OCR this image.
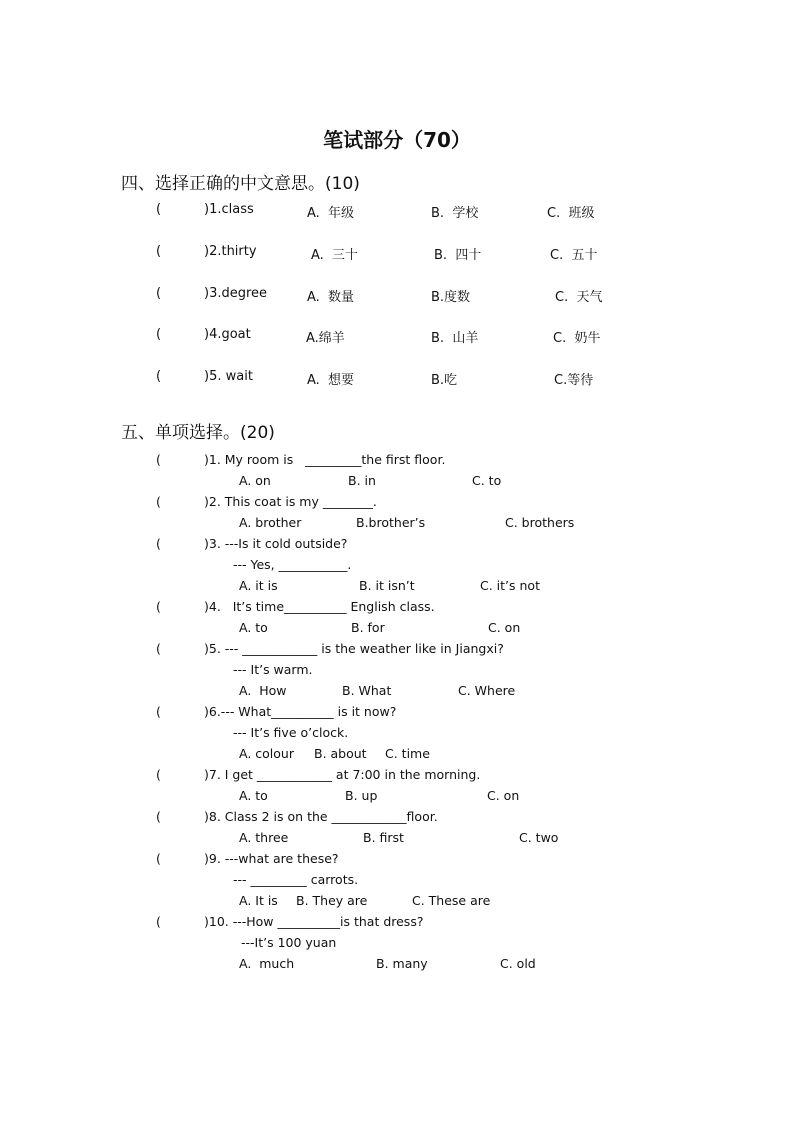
笔试部分（70）
四、选择正确的中文意思。(10)
(	)1.class	A.  年级	B.  学校	C.  班级
(	)2.thirty	A.  三十	B.  四十	C.  五十
(	)3.degree	A.  数量	B.度数	C.  天气
(	)4.goat	A.绵羊	B.  山羊	C.  奶牛
(	)5. wait	A.  想要	B.吃	C.等待
五、单项选择。(20)
(	)1. My room is   _________the first floor.
A. on	B. in	C. to
(	)2. This coat is my ________.
A. brother	B.brother’s	C. brothers
(	)3. ---Is it cold outside?
--- Yes, ___________.
A. it is	B. it isn’t	C. it’s not
(	)4.   It’s time__________ English class.
A. to	B. for	C. on
(	)5. --- ____________ is the weather like in Jiangxi?
--- It’s warm.
A.  How	B. What	C. Where
(	)6.--- What__________ is it now?
--- It’s five o’clock.
A. colour B. about C. time
(	)7. I get ____________ at 7:00 in the morning.
A. to	B. up	C. on
(	)8. Class 2 is on the ____________floor.
A. three	B. first	C. two
(	)9. ---what are these?
--- _________ carrots.
A. It is B. They are	C. These are
(	)10. ---How __________is that dress?
---It’s 100 yuan
A.  much	B. many	C. old
